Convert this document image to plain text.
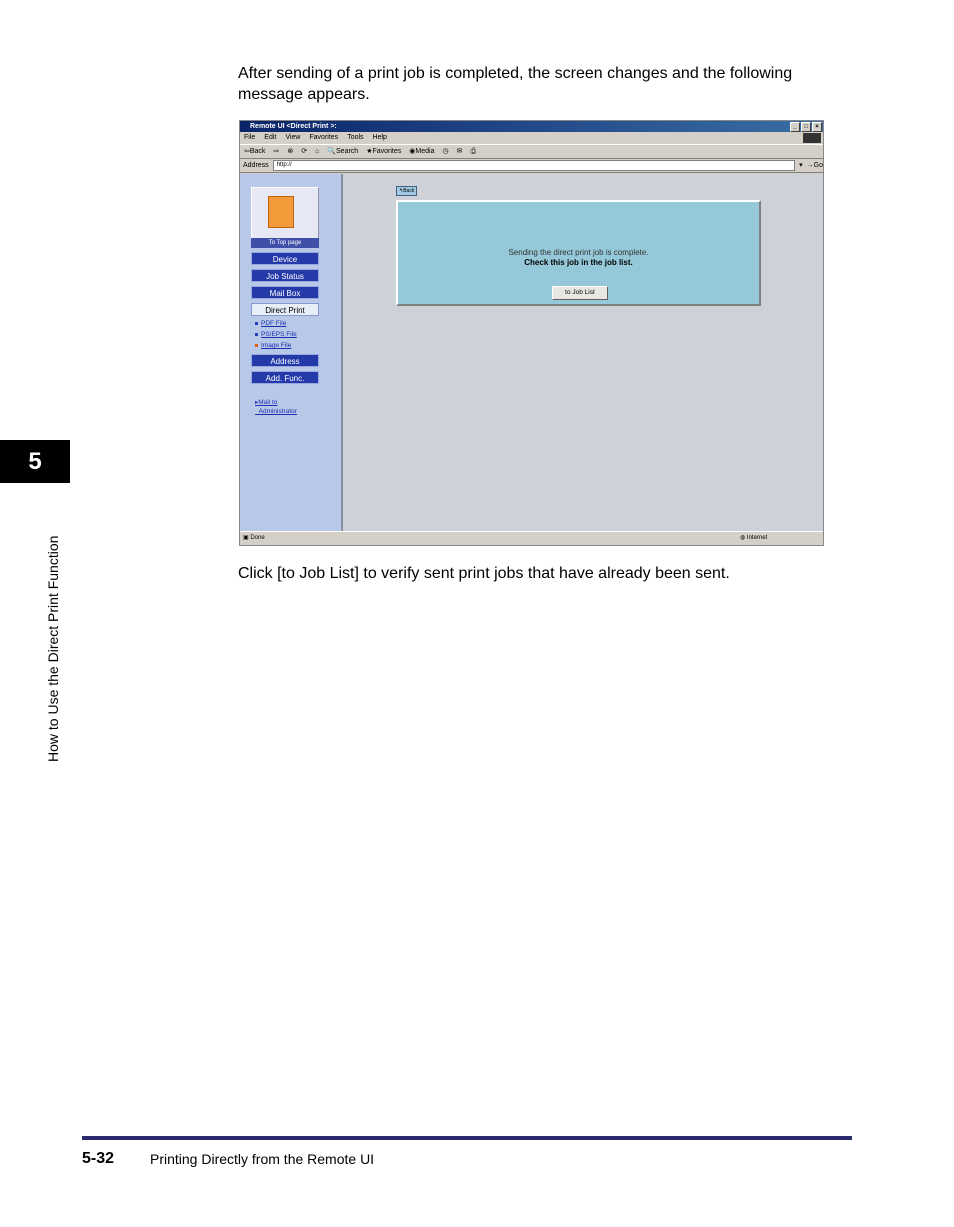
After sending of a print job is completed, the screen changes and the following message appears.
Remote UI <Direct Print >:	_	□	×
File Edit View Favorites Tools Help
⇦Back ⇨ ⊗ ⟳ ⌂ 🔍Search ★Favorites ◉Media ◷ ✉ ⎙
Address	http://	▾ →Go
To Top page
Device
Job Status
Mail Box
Direct Print
PDF File
PS/EPS File
Image File
Address
Add. Func.
▸Mail to
Administrator
↰Back
Sending the direct print job is complete.
Check this job in the job list.
to Job List
▣ Done	◍ Internet
Click [to Job List] to verify sent print jobs that have already been sent.
5
How to Use the Direct Print Function
5-32	Printing Directly from the Remote UI
